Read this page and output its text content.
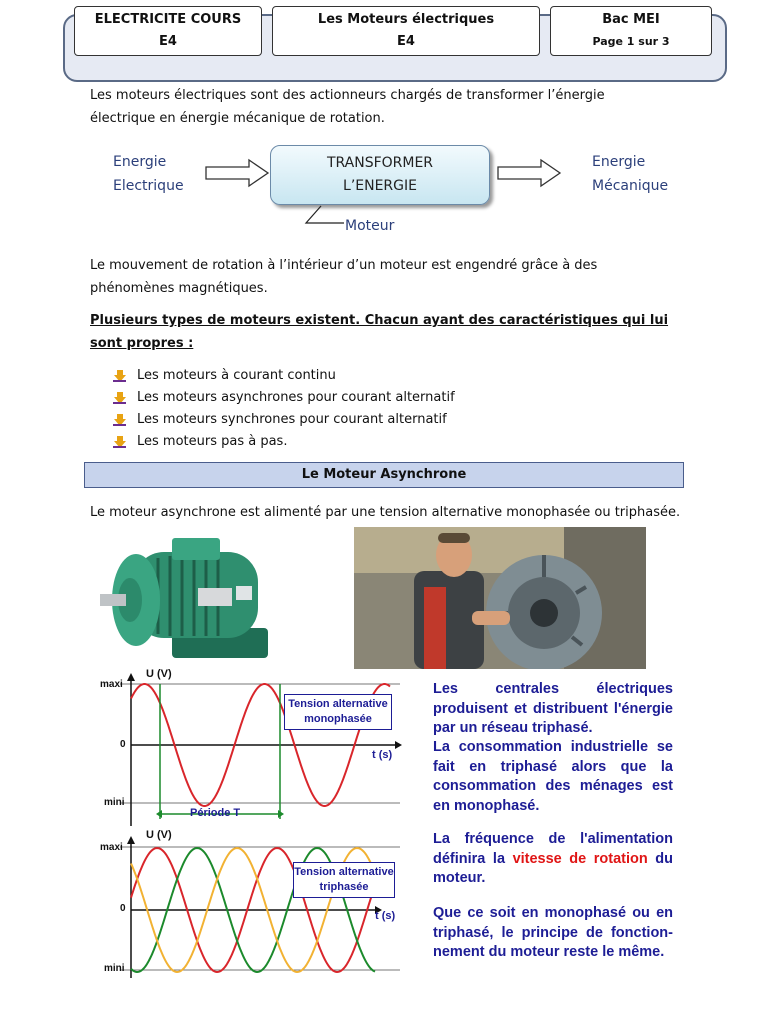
ELECTRICITE COURS
E4
Les Moteurs électriques
E4
Bac MEI
Page 1 sur 3

Les moteurs électriques sont des actionneurs chargés de transformer l’énergie électrique en énergie mécanique de rotation.

Energie
Electrique
TRANSFORMER
L’ENERGIE
Energie
Mécanique
Moteur

Le mouvement de rotation à l’intérieur d’un moteur est engendré grâce à des phénomènes magnétiques.

Plusieurs types de moteurs existent. Chacun ayant des caractéristiques qui lui sont propres :
Les moteurs à courant continu
Les moteurs asynchrones pour courant alternatif
Les moteurs synchrones pour courant alternatif
Les moteurs pas à pas.
Le Moteur Asynchrone

Le moteur asynchrone est alimenté par une tension alternative monophasée ou triphasée.

U (V)
maxi
0
mini
t (s)
Tension alternative
monophasée
Période T
U (V)
maxi
0
mini
t (s)
Tension alternative
triphasée
Les centrales électriques produisent et distribuent l'énergie par un réseau triphasé.
La consommation industrielle se fait en triphasé alors que la consommation des ménages est en monophasé.
La fréquence de l'alimentation définira la vitesse de rotation du moteur.
Que ce soit en monophasé ou en triphasé, le principe de fonction-nement du moteur reste le même.
